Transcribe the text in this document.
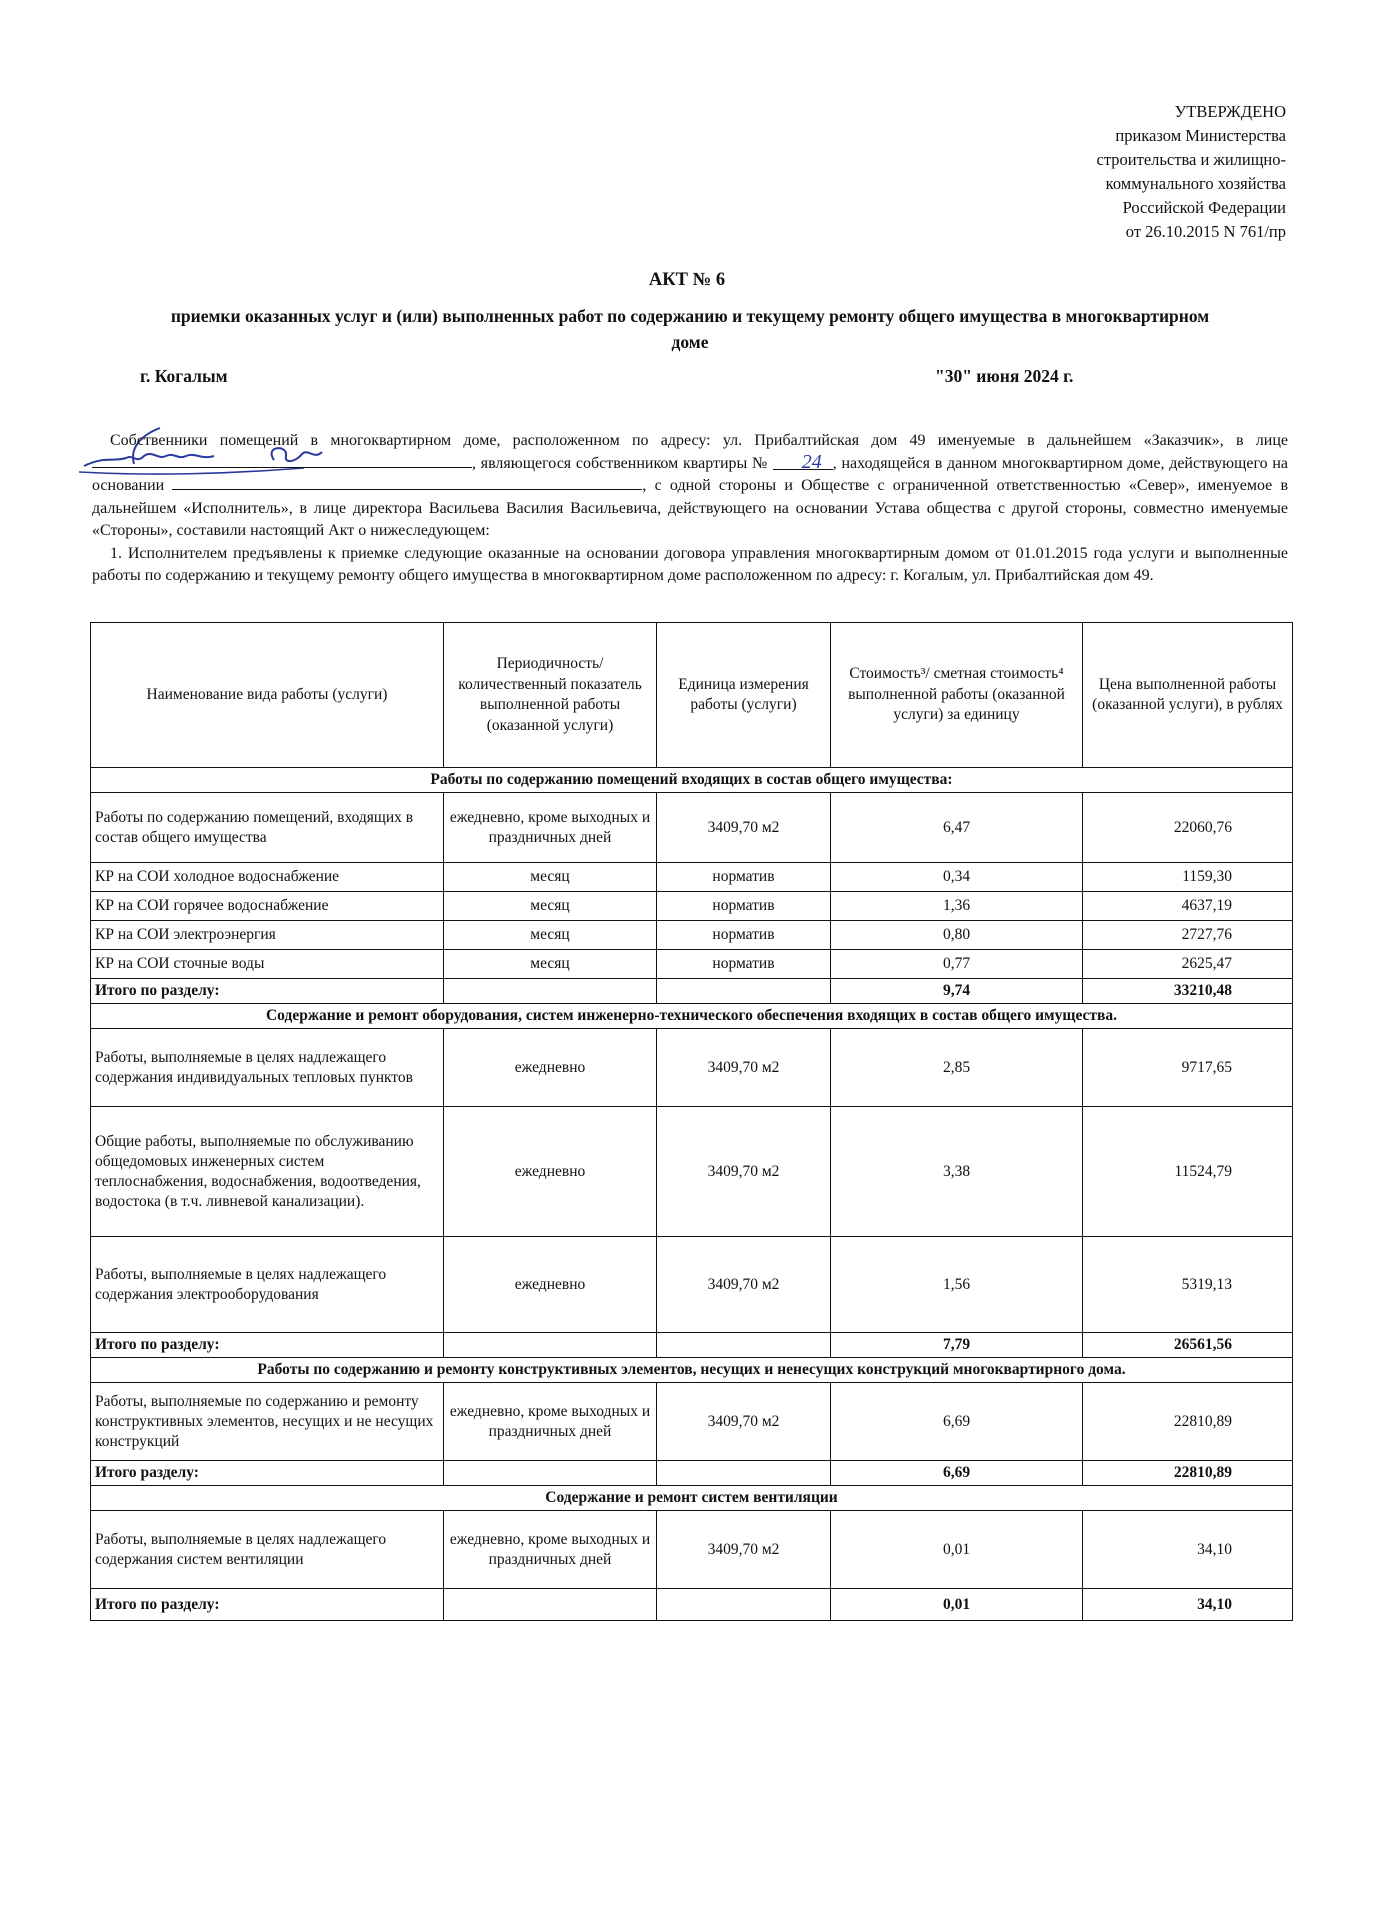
УТВЕРЖДЕНО
приказом Министерства
строительства и жилищно-
коммунального хозяйства
Российской Федерации
от 26.10.2015 N 761/пр
АКТ № 6
приемки оказанных услуг и (или) выполненных работ по содержанию и текущему ремонту общего имущества в многоквартирном доме
г. Когалым	"30" июня 2024 г.

Собственники помещений в многоквартирном доме, расположенном по адресу: ул. Прибалтийская дом 49 именуемые в дальнейшем «Заказчик», в лице , являющегося собственником квартиры № 24 , находящейся в данном многоквартирном доме, действующего на основании	, с одной стороны и Обществе с ограниченной ответственностью «Север», именуемое в дальнейшем «Исполнитель», в лице директора Васильева Василия Васильевича, действующего на основании Устава общества с другой стороны, совместно именуемые «Стороны», составили настоящий Акт о нижеследующем:

1. Исполнителем предъявлены к приемке следующие оказанные на основании договора управления многоквартирным домом от 01.01.2015 года услуги и выполненные работы по содержанию и текущему ремонту общего имущества в многоквартирном доме расположенном по адресу: г. Когалым, ул. Прибалтийская дом 49.

Наименование вида работы (услуги)	Периодичность/ количественный показатель выполненной работы (оказанной услуги)	Единица измерения работы (услуги)	Стоимость³/ сметная стоимость⁴ выполненной работы (оказанной услуги) за единицу	Цена выполненной работы (оказанной услуги), в рублях
Работы по содержанию помещений входящих в состав общего имущества:				
Работы по содержанию помещений, входящих в состав общего имущества	ежедневно, кроме выходных и праздничных дней	3409,70 м2	6,47	22060,76
КР на СОИ холодное водоснабжение	месяц	норматив	0,34	1159,30
КР на СОИ горячее водоснабжение	месяц	норматив	1,36	4637,19
КР на СОИ электроэнергия	месяц	норматив	0,80	2727,76
КР на СОИ сточные воды	месяц	норматив	0,77	2625,47
Итого по разделу:			9,74	33210,48
Содержание и ремонт оборудования, систем инженерно-технического обеспечения входящих в состав общего имущества.				
Работы, выполняемые в целях надлежащего содержания индивидуальных тепловых пунктов	ежедневно	3409,70 м2	2,85	9717,65
Общие работы, выполняемые по обслуживанию общедомовых инженерных систем теплоснабжения, водоснабжения, водоотведения, водостока (в т.ч. ливневой канализации).	ежедневно	3409,70 м2	3,38	11524,79
Работы, выполняемые в целях надлежащего содержания электрооборудования	ежедневно	3409,70 м2	1,56	5319,13
Итого по разделу:			7,79	26561,56
Работы по содержанию и ремонту конструктивных элементов, несущих и ненесущих конструкций многоквартирного дома.				
Работы, выполняемые по содержанию и ремонту конструктивных элементов, несущих и не несущих конструкций	ежедневно, кроме выходных и праздничных дней	3409,70 м2	6,69	22810,89
Итого разделу:			6,69	22810,89
Содержание и ремонт систем вентиляции				
Работы, выполняемые в целях надлежащего содержания систем вентиляции	ежедневно, кроме выходных и праздничных дней	3409,70 м2	0,01	34,10
Итого по разделу:			0,01	34,10
